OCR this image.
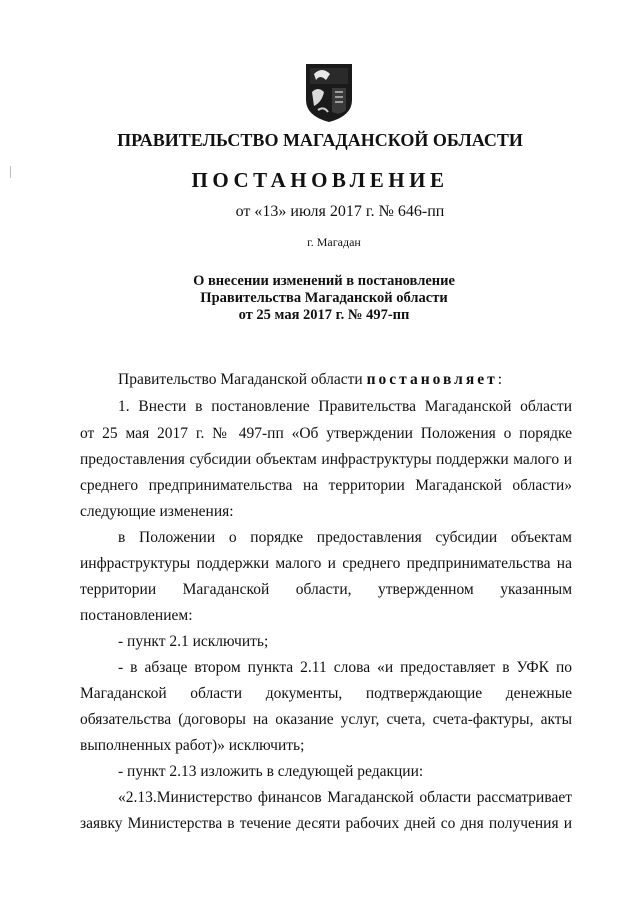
ПРАВИТЕЛЬСТВО МАГАДАНСКОЙ ОБЛАСТИ
ПОСТАНОВЛЕНИЕ
от «13» июля 2017 г. № 646-пп
г. Магадан
О внесении изменений в постановление
Правительства Магаданской области
от 25 мая 2017 г. № 497-пп
Правительство Магаданской области постановляет:
1. Внести в постановление Правительства Магаданской области
от 25 мая 2017 г. № 497-пп «Об утверждении Положения о порядке
предоставления субсидии объектам инфраструктуры поддержки малого и
среднего предпринимательства на территории Магаданской области»
следующие изменения:
в Положении о порядке предоставления субсидии объектам
инфраструктуры поддержки малого и среднего предпринимательства на
территории Магаданской области, утвержденном указанным
постановлением:
- пункт 2.1 исключить;
- в абзаце втором пункта 2.11 слова «и предоставляет в УФК по
Магаданской области документы, подтверждающие денежные
обязательства (договоры на оказание услуг, счета, счета-фактуры, акты
выполненных работ)» исключить;
- пункт 2.13 изложить в следующей редакции:
«2.13.Министерство финансов Магаданской области рассматривает
заявку Министерства в течение десяти рабочих дней со дня получения и
